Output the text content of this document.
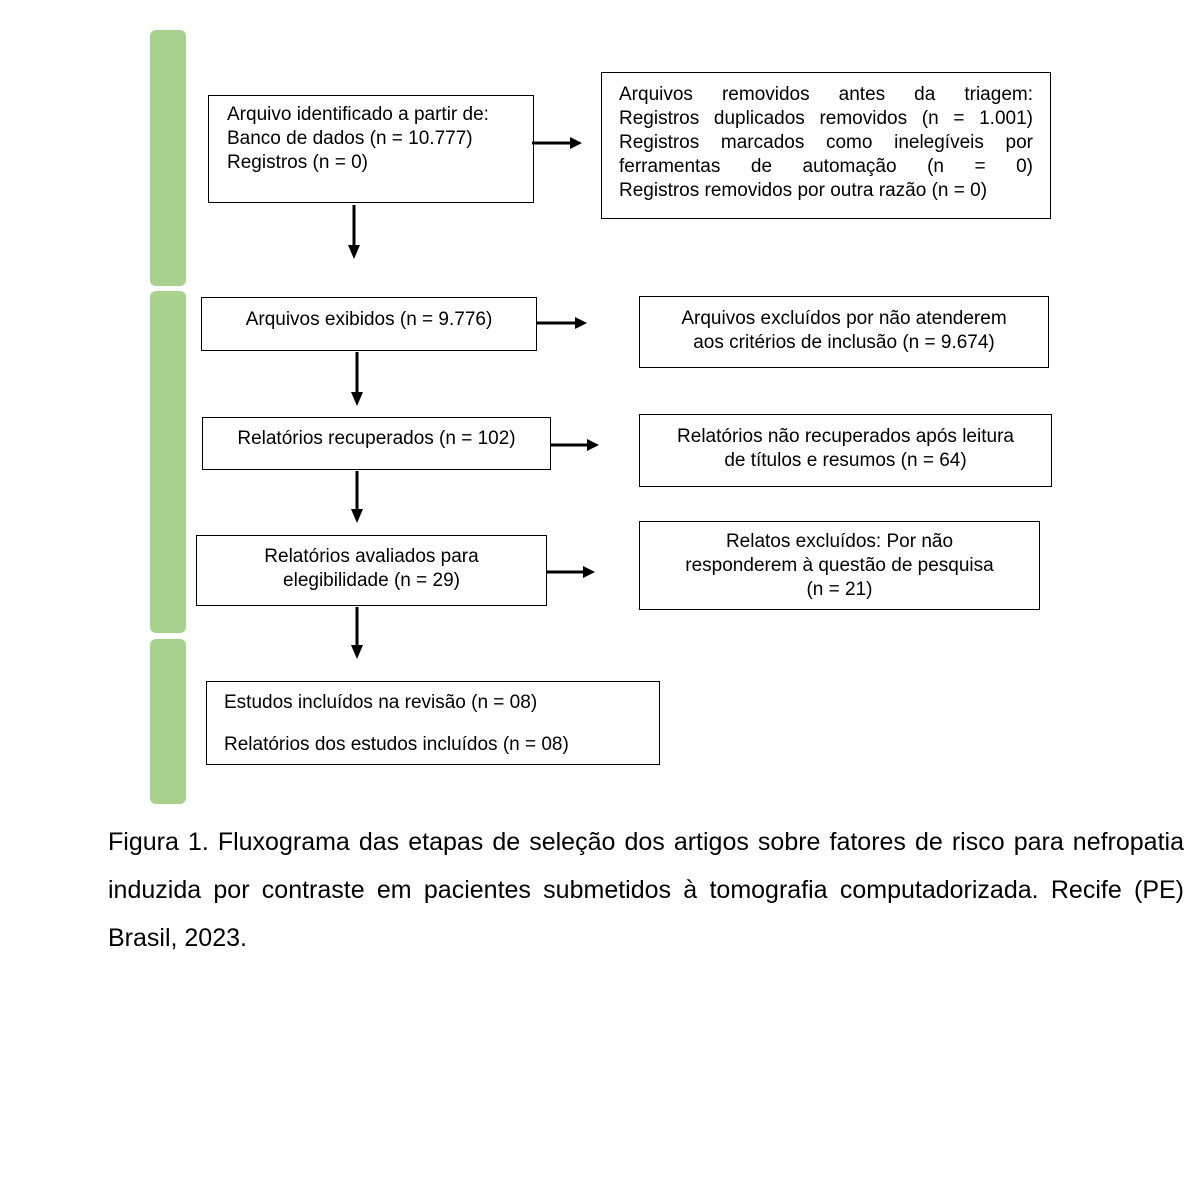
Arquivo identificado a partir de:
Banco de dados (n = 10.777)
Registros (n = 0)
Arquivos removidos antes da triagem:
Registros duplicados removidos (n = 1.001)
Registros marcados como inelegíveis por
ferramentas de automação (n = 0)
Registros removidos por outra razão (n = 0)
Arquivos exibidos (n = 9.776)	Arquivos excluídos por não atenderem
aos critérios de inclusão (n = 9.674)
Relatórios recuperados (n = 102)	Relatórios não recuperados após leitura
de títulos e resumos (n = 64)
Relatórios avaliados para
elegibilidade (n = 29)
Relatos excluídos: Por não
responderem à questão de pesquisa
(n = 21)
Estudos incluídos na revisão (n = 08)
Relatórios dos estudos incluídos (n = 08)
Figura 1. Fluxograma das etapas de seleção dos artigos sobre fatores de risco para nefropatia induzida por contraste em pacientes submetidos à tomografia computadorizada. Recife (PE) Brasil, 2023.
